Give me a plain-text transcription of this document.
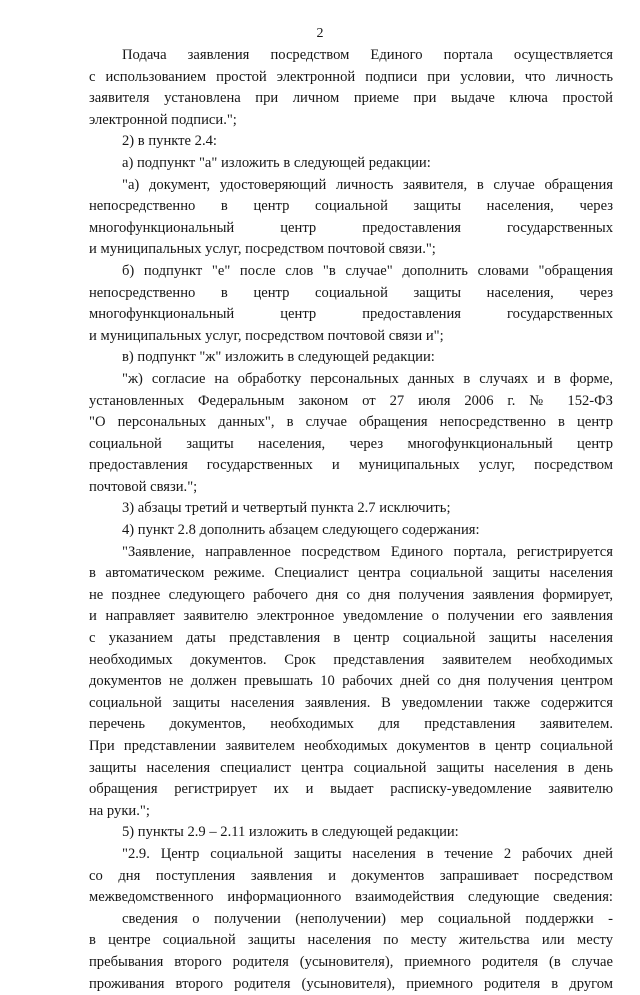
2
Подача заявления посредством Единого портала осуществляется
с использованием простой электронной подписи при условии, что личность
заявителя установлена при личном приеме при выдаче ключа простой
электронной подписи.";
2) в пункте 2.4:
а) подпункт "а" изложить в следующей редакции:
"а) документ, удостоверяющий личность заявителя, в случае обращения
непосредственно в центр социальной защиты населения, через
многофункциональный центр предоставления государственных
и муниципальных услуг, посредством почтовой связи.";
б) подпункт "е" после слов "в случае" дополнить словами "обращения
непосредственно в центр социальной защиты населения, через
многофункциональный центр предоставления государственных
и муниципальных услуг, посредством почтовой связи и";
в) подпункт "ж" изложить в следующей редакции:
"ж) согласие на обработку персональных данных в случаях и в форме,
установленных Федеральным законом от 27 июля 2006 г. № 152-ФЗ
"О персональных данных", в случае обращения непосредственно в центр
социальной защиты населения, через многофункциональный центр
предоставления государственных и муниципальных услуг, посредством
почтовой связи.";
3) абзацы третий и четвертый пункта 2.7 исключить;
4) пункт 2.8 дополнить абзацем следующего содержания:
"Заявление, направленное посредством Единого портала, регистрируется
в автоматическом режиме. Специалист центра социальной защиты населения
не позднее следующего рабочего дня со дня получения заявления формирует,
и направляет заявителю электронное уведомление о получении его заявления
с указанием даты представления в центр социальной защиты населения
необходимых документов. Срок представления заявителем необходимых
документов не должен превышать 10 рабочих дней со дня получения центром
социальной защиты населения заявления. В уведомлении также содержится
перечень документов, необходимых для представления заявителем.
При представлении заявителем необходимых документов в центр социальной
защиты населения специалист центра социальной защиты населения в день
обращения регистрирует их и выдает расписку-уведомление заявителю
на руки.";
5) пункты 2.9 – 2.11 изложить в следующей редакции:
"2.9. Центр социальной защиты населения в течение 2 рабочих дней
со дня поступления заявления и документов запрашивает посредством
межведомственного информационного взаимодействия следующие сведения:
сведения о получении (неполучении) мер социальной поддержки -
в центре социальной защиты населения по месту жительства или месту
пребывания второго родителя (усыновителя), приемного родителя (в случае
проживания второго родителя (усыновителя), приемного родителя в другом
